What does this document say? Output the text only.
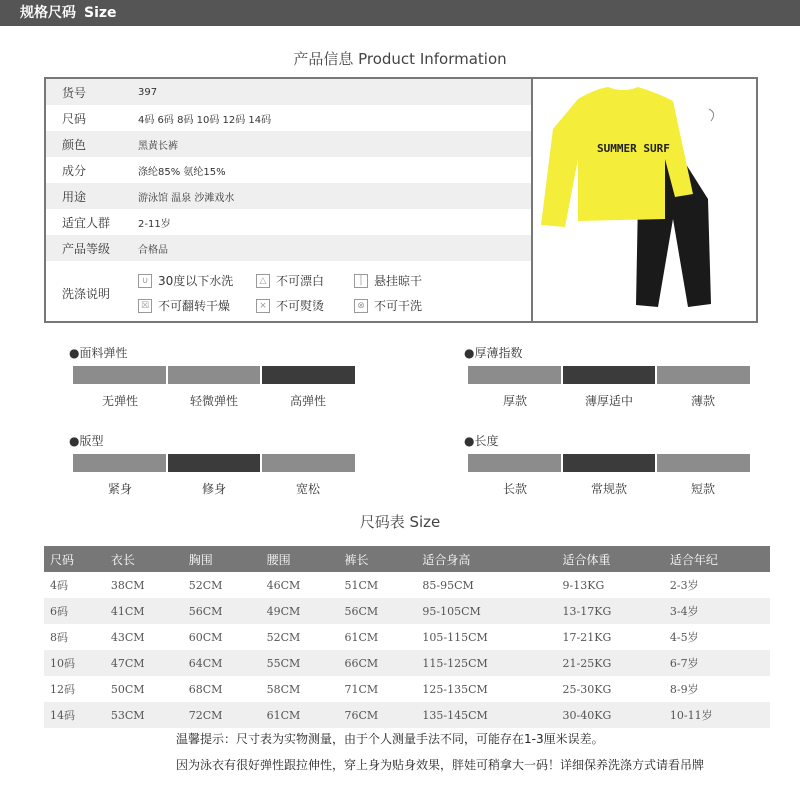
规格尺码 Size
产品信息 Product Information
货号	397
尺码	4码 6码 8码 10码 12码 14码
颜色	黑黄长裤
成分	涤纶85% 氨纶15%
用途	游泳馆 温泉 沙滩戏水
适宜人群	2-11岁
产品等级	合格品
洗涤说明
∪ 30度以下水洗	△ 不可漂白	│ 悬挂晾干
☒ 不可翻转干燥	⨯ 不可熨烫	⊗ 不可干洗
SUMMER SURF
●面料弹性
无弹性	轻微弹性	高弹性
●厚薄指数
厚款	薄厚适中	薄款
●版型
紧身	修身	宽松
●长度
长款	常规款	短款
尺码表 Size
尺码	衣长	胸围	腰围	裤长	适合身高	适合体重	适合年纪
4码	38CM	52CM	46CM	51CM	85-95CM	9-13KG	2-3岁
6码	41CM	56CM	49CM	56CM	95-105CM	13-17KG	3-4岁
8码	43CM	60CM	52CM	61CM	105-115CM	17-21KG	4-5岁
10码	47CM	64CM	55CM	66CM	115-125CM	21-25KG	6-7岁
12码	50CM	68CM	58CM	71CM	125-135CM	25-30KG	8-9岁
14码	53CM	72CM	61CM	76CM	135-145CM	30-40KG	10-11岁
温馨提示：尺寸表为实物测量，由于个人测量手法不同，可能存在1-3厘米误差。
因为泳衣有很好弹性跟拉伸性，穿上身为贴身效果，胖娃可稍拿大一码！详细保养洗涤方式请看吊牌
